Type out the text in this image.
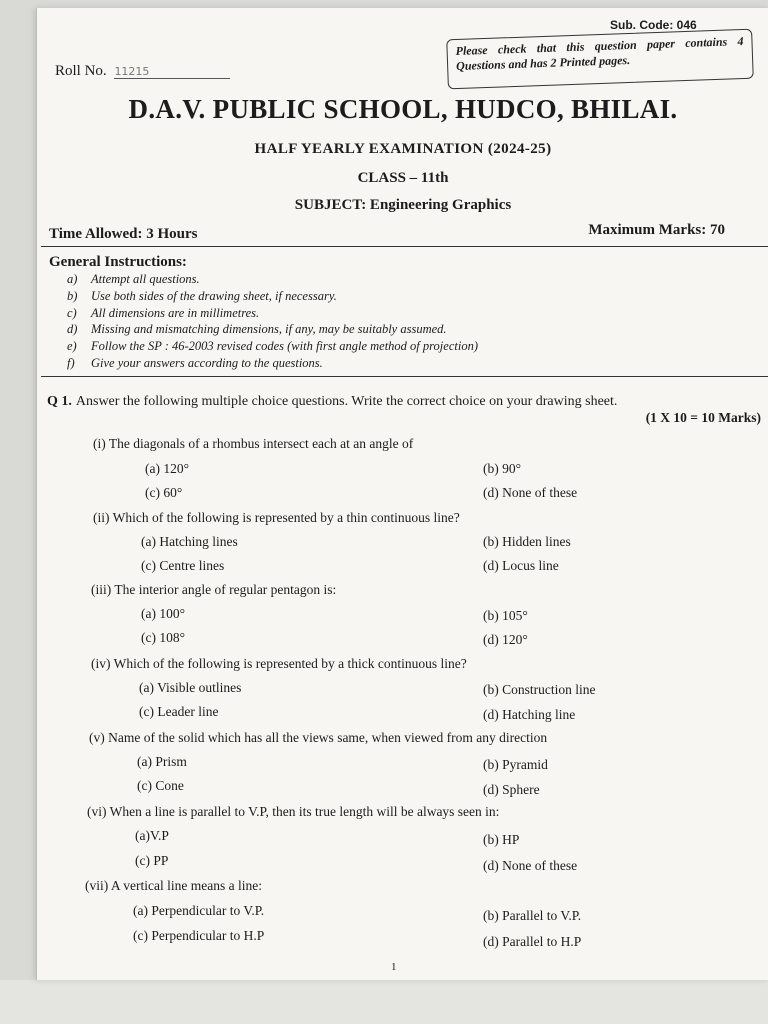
Sub. Code: 046
Please check that this question paper contains 4 Questions and has 2 Printed pages.
Roll No. 11215
D.A.V. PUBLIC SCHOOL, HUDCO, BHILAI.
HALF YEARLY EXAMINATION (2024-25)
CLASS – 11th
SUBJECT: Engineering Graphics
Time Allowed: 3 Hours	Maximum Marks: 70
General Instructions:
a) Attempt all questions.
b) Use both sides of the drawing sheet, if necessary.
c) All dimensions are in millimetres.
d) Missing and mismatching dimensions, if any, may be suitably assumed.
e) Follow the SP : 46-2003 revised codes (with first angle method of projection)
f) Give your answers according to the questions.
Q 1. Answer the following multiple choice questions. Write the correct choice on your drawing sheet.
(1 X 10 = 10 Marks)
(i) The diagonals of a rhombus intersect each at an angle of
(a) 120°	(b) 90°
(c) 60°	(d) None of these
(ii) Which of the following is represented by a thin continuous line?
(a) Hatching lines	(b) Hidden lines
(c) Centre lines	(d) Locus line
(iii) The interior angle of regular pentagon is:
(a) 100°	(b) 105°
(c) 108°	(d) 120°
(iv) Which of the following is represented by a thick continuous line?
(a) Visible outlines	(b) Construction line
(c) Leader line	(d) Hatching line
(v) Name of the solid which has all the views same, when viewed from any direction
(a) Prism	(b) Pyramid
(c) Cone	(d) Sphere
(vi) When a line is parallel to V.P, then its true length will be always seen in:
(a)V.P	(b) HP
(c) PP	(d) None of these
(vii) A vertical line means a line:
(a) Perpendicular to V.P.	(b) Parallel to V.P.
(c) Perpendicular to H.P	(d) Parallel to H.P
1
